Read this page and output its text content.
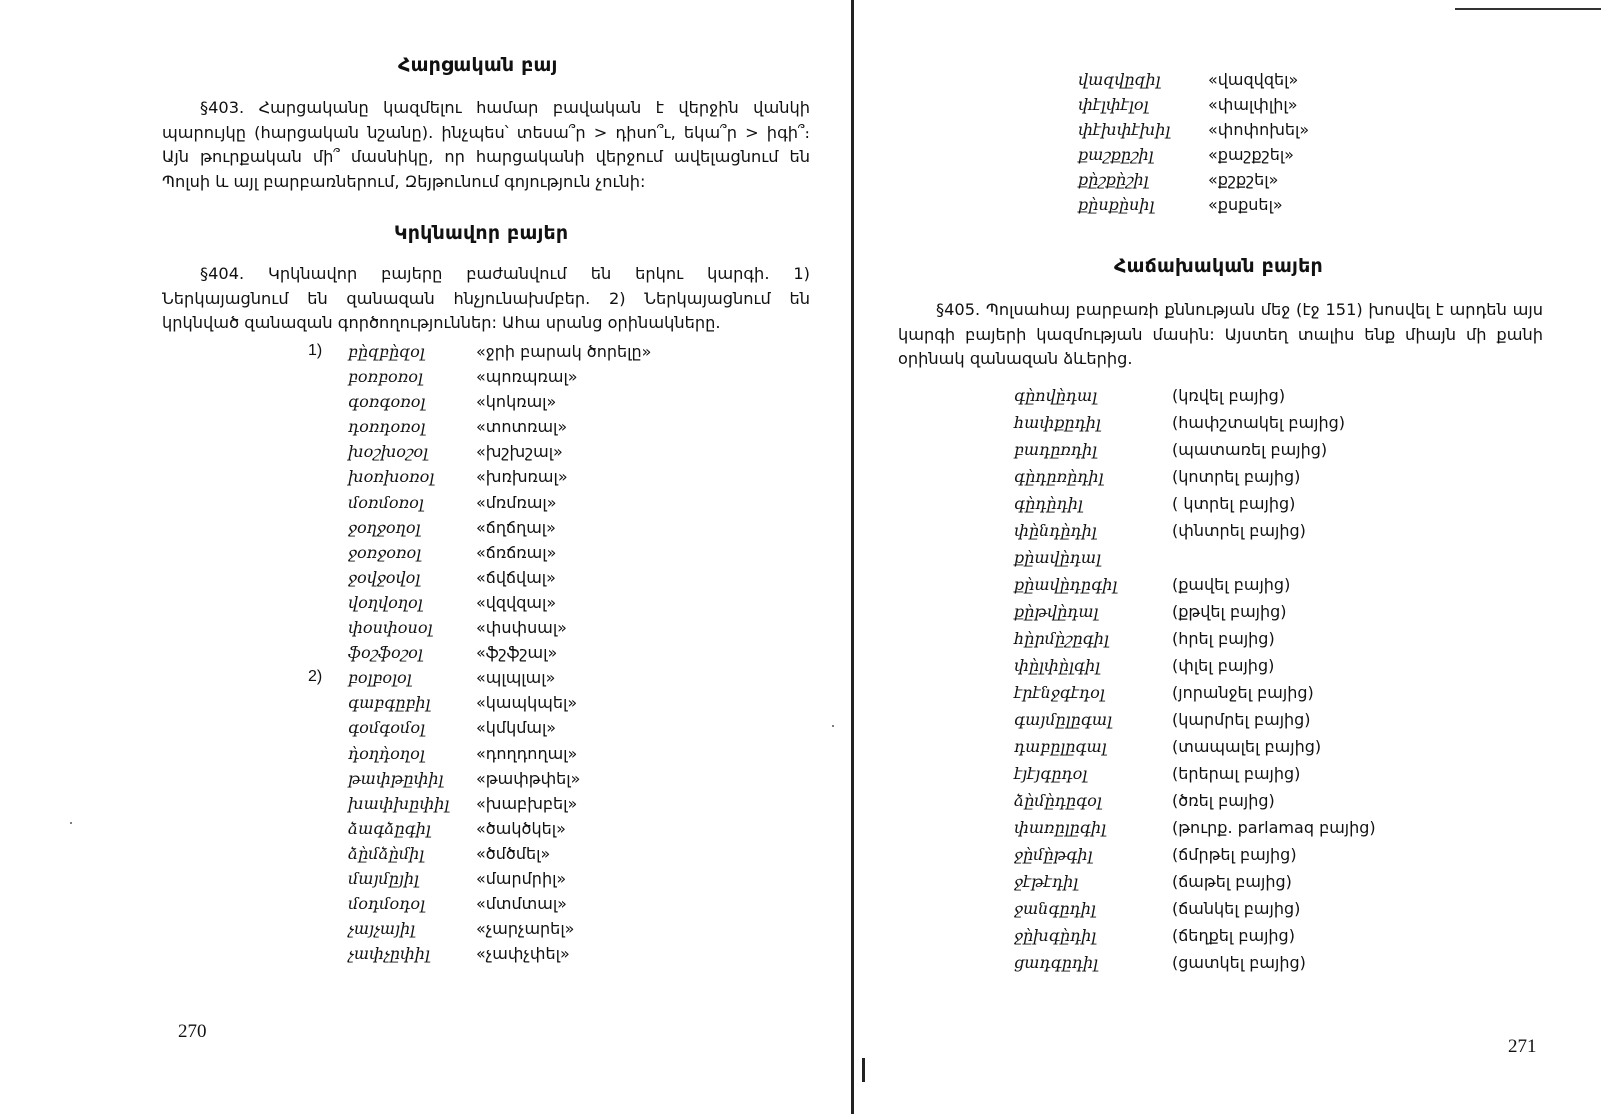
Հարցական բայ

§403. Հարցականը կազմելու համար բավական է վերջին վանկի պարույկը (հարցական նշանը). ինչպես՝ տեսա՞ր > դիսո՞ւ, եկա՞ր > իգի՞։ Այն թուրքական մի՞ մասնիկը, որ հարցականի վերջում ավելացնում են Պոլսի և այլ բարբառներում, Զեյթունում գոյություն չունի:

Կրկնավոր բայեր

§404. Կրկնավոր բայերը բաժանվում են երկու կարգի. 1) Ներկայացնում են զանազան հնչյունախմբեր. 2) Ներկայացնում են կրկնված զանազան գործողություններ: Ահա սրանց օրինակները.

1) բը̀զբը̀զօլ	«ջրի բարակ ծորելը»
բօռբօռօլ	«պոռպռալ»
գօռգօռօլ	«կոկռալ»
դօռդօռօլ	«տոտռալ»
խօշխօշօլ	«խշխշալ»
խօռխօռօլ	«խռխռալ»
մօռմօռօլ	«մռմռալ»
ջօղջօղօլ	«ճղճղալ»
ջօռջօռօլ	«ճռճռալ»
ջօվջօվօլ	«ճվճվալ»
վօղվօղօլ	«վզվզալ»
փօսփօսօլ	«փսփսալ»
ֆօշֆօշօլ	«ֆշֆշալ»
2) բօլբօլօլ	«պլպլալ»
գաբգըբիլ	«կապկպել»
գօմգօմօլ	«կմկմալ»
դ̀օղդ̀օղօլ	«դողդողալ»
թափթըփիլ «թափթփել»
խափխըփիլ «խաբխբել»
ձագձըգիլ	«ծակծկել»
ձը̀մձը̀միլ	«ծմծմել»
մայմըյիլ	«մարմրիլ»
մօդմօդօլ	«մտմտալ»
չայչայիլ	«չարչարել»
չափչըփիլ	«չափչփել»
270
վազվըզիլ	«վազվզել»
փէլփէլօլ	«փալփլիլ»
փէխփէխիլ «փոփոխել»
քաշքըշիլ	«քաշքշել»
քը̀շքը̀շիլ	«քշքշել»
քը̀սքը̀սիլ	«քսքսել»
Հաճախական բայեր

§405. Պոլսահայ բարբառի քննության մեջ (էջ 151) խոսվել է արդեն այս կարգի բայերի կազմության մասին: Այստեղ տալիս ենք միայն մի քանի օրինակ զանազան ձևերից.

գը̀ովը̀դալ	(կռվել բայից)
հափքըդիլ	(հափշտակել բայից)
բադըռդիլ	(պատառել բայից)
գը̀դըռը̀դիլ	(կոտրել բայից)
գը̀դը̀դիլ	( կտրել բայից)
փը̀նդը̀դիլ	(փնտրել բայից)
քը̀ավը̀դալ
քը̀ավը̀դըգիլ	(քավել բայից)
քը̀թվը̀դալ	(քթվել բայից)
հը̀րմը̀շըգիլ	(հրել բայից)
փը̀լփը̀լգիլ	(փլել բայից)
էրէնջգէդօլ	(յորանջել բայից)
գայմըլըգալ	(կարմրել բայից)
դաբըլըգալ	(տապալել բայից)
էյէյգըդօլ	(երերալ բայից)
ձը̀մը̀դըգօլ	(ծռել բայից)
փառըլըգիլ	(թուրք. parlamaq բայից)
ջը̀մը̀թգիլ	(ճմրթել բայից)
ջէթէդիլ	(ճաթել բայից)
ջանգըդիլ	(ճանկել բայից)
ջը̀խգը̀դիլ	(ճեղքել բայից)
ցադգըդիլ	(ցատկել բայից)
271
